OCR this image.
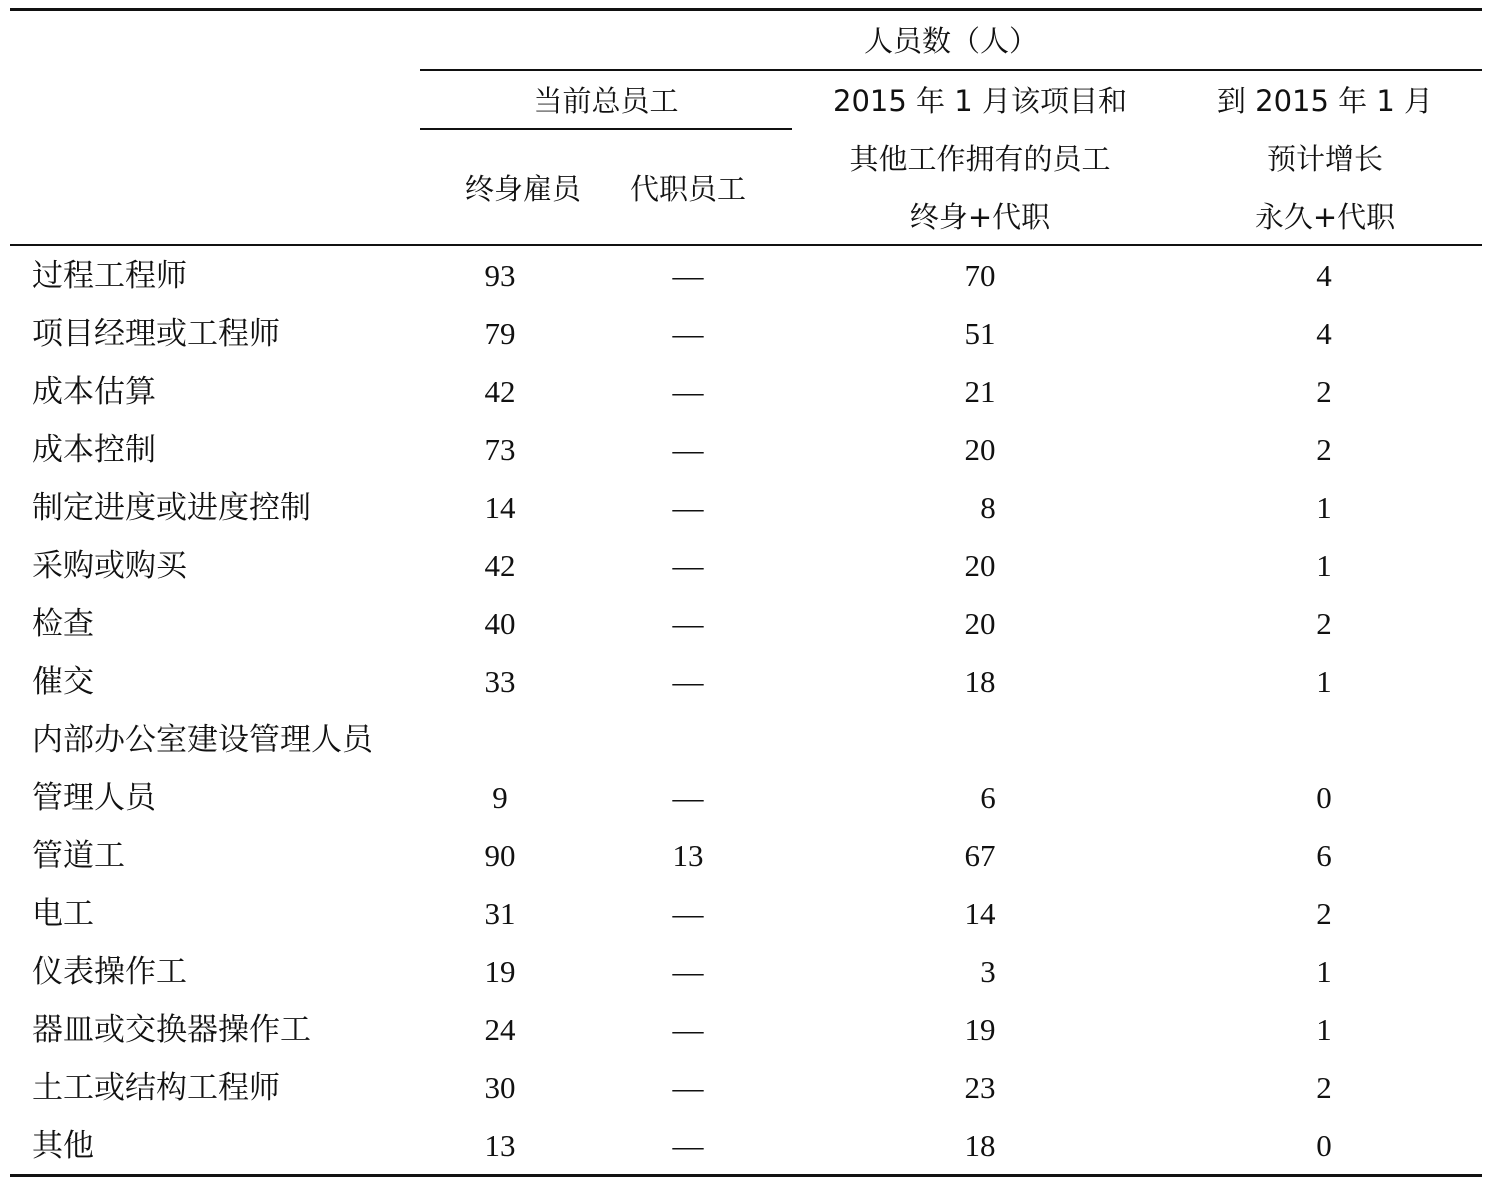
人员数（人）
当前总员工
终身雇员	代职员工
2015 年 1 月该项目和
其他工作拥有的员工
终身+代职
到 2015 年 1 月
预计增长
永久+代职
过程工程师	93	—	70	4
项目经理或工程师	79	—	51	4
成本估算	42	—	21	2
成本控制	73	—	20	2
制定进度或进度控制	14	—	8	1
采购或购买	42	—	20	1
检查	40	—	20	2
催交	33	—	18	1
内部办公室建设管理人员
管理人员	9	—	6	0
管道工	90	13	67	6
电工	31	—	14	2
仪表操作工	19	—	3	1
器皿或交换器操作工	24	—	19	1
土工或结构工程师	30	—	23	2
其他	13	—	18	0
